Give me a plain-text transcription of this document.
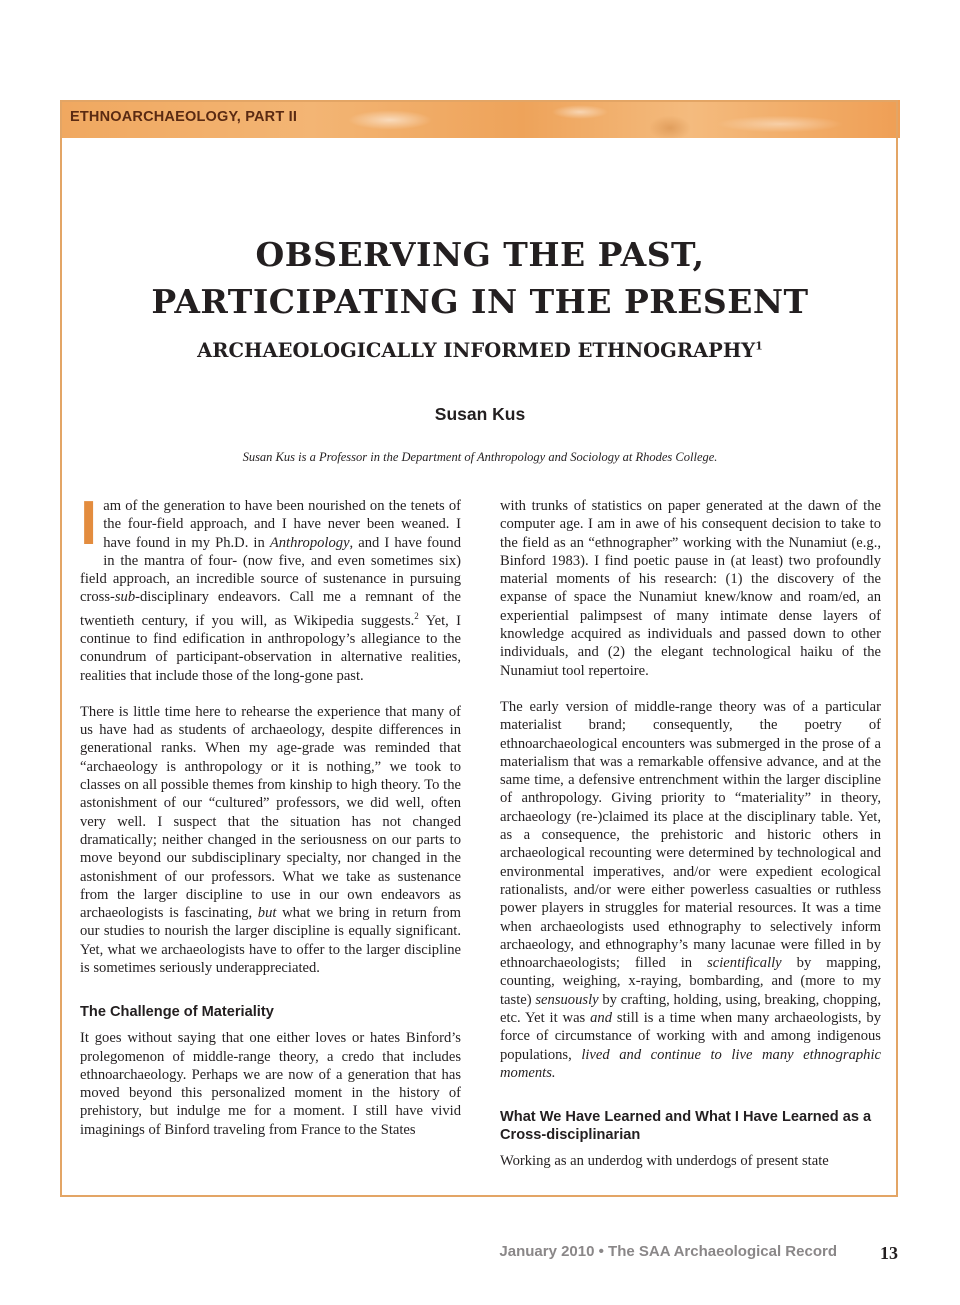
ETHNOARCHAEOLOGY, PART II
OBSERVING THE PAST,
PARTICIPATING IN THE PRESENT
ARCHAEOLOGICALLY INFORMED ETHNOGRAPHY$^1$
Susan Kus
Susan Kus is a Professor in the Department of Anthropology and Sociology at Rhodes College.

Iam of the generation to have been nourished on the tenets of the four-field approach, and I have never been weaned. I have found in my Ph.D. in Anthropology, and I have found in the mantra of four- (now five, and even sometimes six) field approach, an incredible source of sustenance in pursuing cross-sub-disciplinary endeavors. Call me a remnant of the twentieth century, if you will, as Wikipedia suggests.$^2$ Yet, I continue to find edification in anthropology’s allegiance to the conundrum of participant-observation in alternative realities, realities that include those of the long-gone past.

There is little time here to rehearse the experience that many of us have had as students of archaeology, despite differences in generational ranks. When my age-grade was reminded that “archaeology is anthropology or it is nothing,” we took to classes on all possible themes from kinship to high theory. To the astonishment of our “cultured” professors, we did well, often very well. I suspect that the situation has not changed dramatically; neither changed in the seriousness on our parts to move beyond our subdisciplinary specialty, nor changed in the astonishment of our professors. What we take as sustenance from the larger discipline to use in our own endeavors as archaeologists is fascinating, but what we bring in return from our studies to nourish the larger discipline is equally significant. Yet, what we archaeologists have to offer to the larger discipline is sometimes seriously underappreciated.

The Challenge of Materiality

It goes without saying that one either loves or hates Binford’s prolegomenon of middle-range theory, a credo that includes ethnoarchaeology. Perhaps we are now of a generation that has moved beyond this personalized moment in the history of prehistory, but indulge me for a moment. I still have vivid imaginings of Binford traveling from France to the States

with trunks of statistics on paper generated at the dawn of the computer age. I am in awe of his consequent decision to take to the field as an “ethnographer” working with the Nunamiut (e.g., Binford 1983). I find poetic pause in (at least) two profoundly material moments of his research: (1) the discovery of the expanse of space the Nunamiut knew/know and roam/ed, an experiential palimpsest of many intimate dense layers of knowledge acquired as individuals and passed down to other individuals, and (2) the elegant technological haiku of the Nunamiut tool repertoire.

The early version of middle-range theory was of a particular materialist brand; consequently, the poetry of ethnoarchaeological encounters was submerged in the prose of a materialism that was a remarkable offensive advance, and at the same time, a defensive entrenchment within the larger discipline of anthropology. Giving priority to “materiality” in theory, archaeology (re-)claimed its place at the disciplinary table. Yet, as a consequence, the prehistoric and historic others in archaeological recounting were determined by technological and environmental imperatives, and/or were expedient ecological rationalists, and/or were either powerless casualties or ruthless power players in struggles for material resources. It was a time when archaeologists used ethnography to selectively inform archaeology, and ethnography’s many lacunae were filled in by ethnoarchaeologists; filled in scientifically by mapping, counting, weighing, x-raying, bombarding, and (more to my taste) sensuously by crafting, holding, using, breaking, chopping, etc. Yet it was and still is a time when many archaeologists, by force of circumstance of working with and among indigenous populations, lived and continue to live many ethnographic moments.

What We Have Learned and What I Have Learned as a Cross-disciplinarian

Working as an underdog with underdogs of present state

January 2010 • The SAA Archaeological Record 13
